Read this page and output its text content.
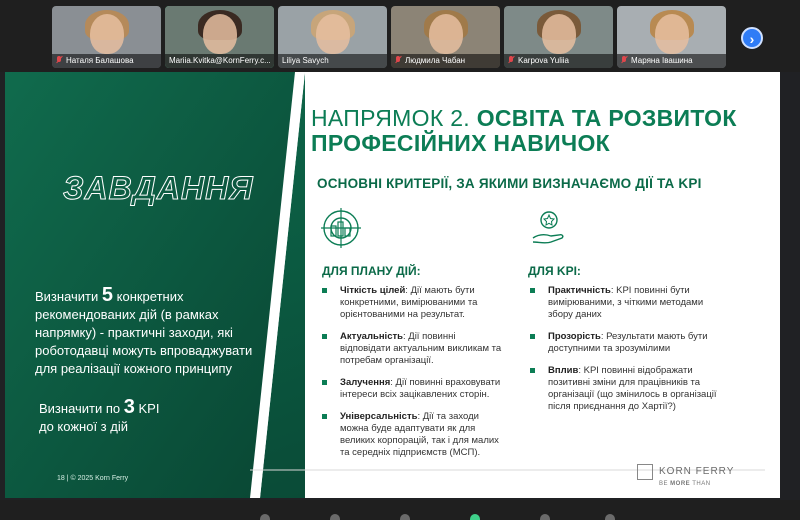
Наталя Балашова	Mariia.Kvitka@KornFerry.c...	Liliya Savych	Людмила Чабан	Karpova Yuliia	Маряна Івашина
›
ЗАВДАННЯ
Визначити 5 конкретних
рекомендованих дій (в рамках
напрямку) - практичні заходи, які
роботодавці можуть впроваджувати
для реалізації кожного принципу
Визначити по 3 KPI
до кожної з дій
НАПРЯМОК 2. ОСВІТА ТА РОЗВИТОК
ПРОФЕСІЙНИХ НАВИЧОК
ОСНОВНІ КРИТЕРІЇ, ЗА ЯКИМИ ВИЗНАЧАЄМО ДІЇ ТА KPI
ДЛЯ ПЛАНУ ДІЙ:
Чіткість цілей: Дії мають бути конкретними, вимірюваними та орієнтованими на результат.
Актуальність: Дії повинні відповідати актуальним викликам та потребам організації.
Залучення: Дії повинні враховувати інтереси всіх зацікавлених сторін.
Універсальність: Дії та заходи можна буде адаптувати як для великих корпорацій, так і для малих та середніх підприємств (МСП).
ДЛЯ KPI:
Практичність: KPI повинні бути вимірюваними, з чіткими методами збору даних
Прозорість: Результати мають бути доступними та зрозумілими
Вплив: KPI повинні відображати позитивні зміни для працівників та організації (що змінилось в організації після приєднання до Хартії?)
18 | © 2025 Korn Ferry
KORN FERRY
BE MORE THAN
